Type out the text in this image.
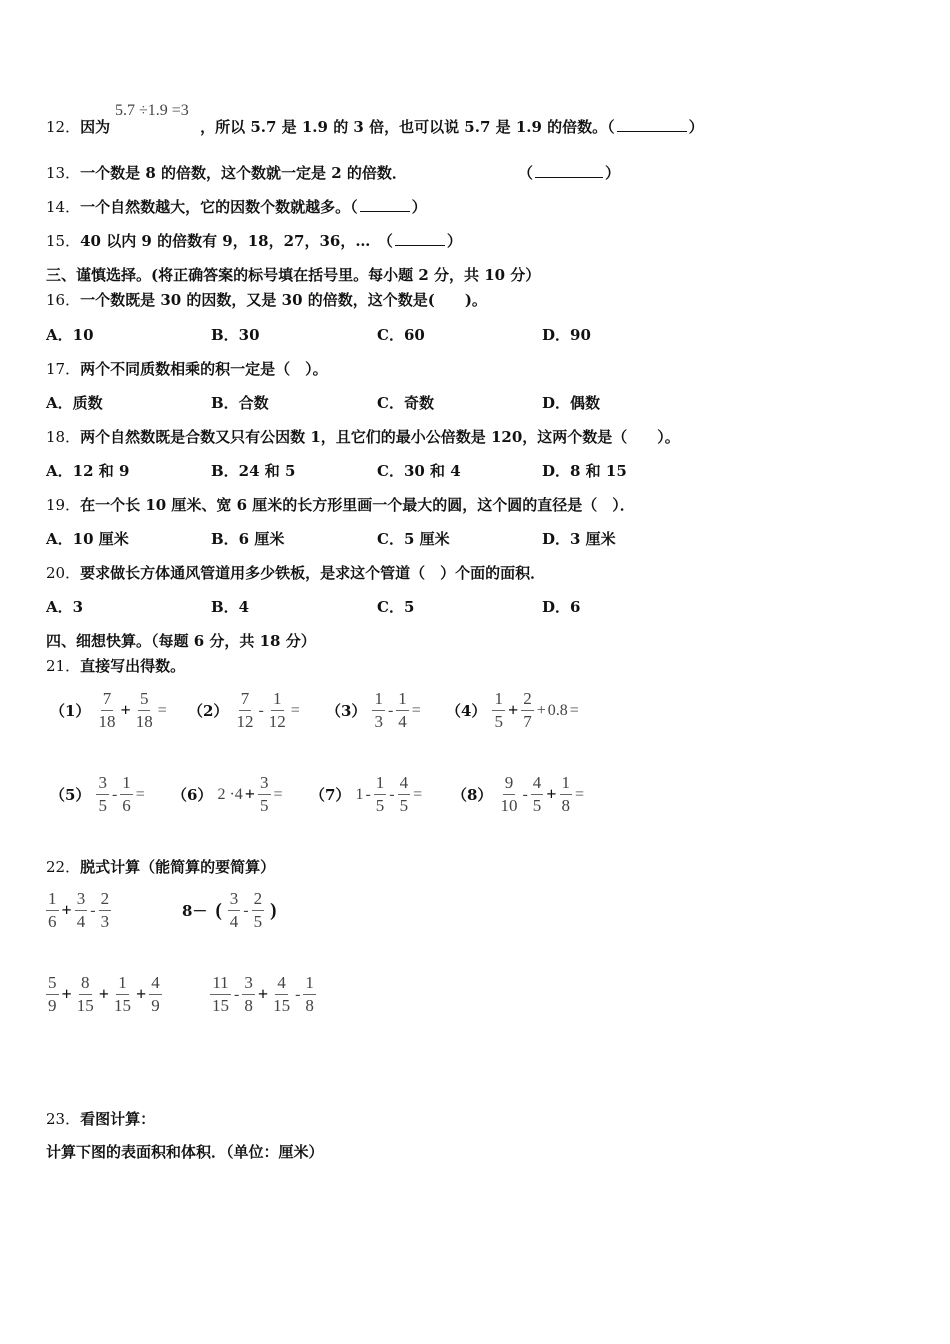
5.7 ÷1.9 =3
12．因为	，所以 5.7 是 1.9 的 3 倍，也可以说 5.7 是 1.9 的倍数。（	）
13．一个数是 8 的倍数，这个数就一定是 2 的倍数．	（	）
14．一个自然数越大，它的因数个数就越多。（	）
15．40 以内 9 的倍数有 9，18，27，36，…　（	）
三、谨慎选择。(将正确答案的标号填在括号里。每小题 2 分，共 10 分）
16．一个数既是 30 的因数，又是 30 的倍数，这个数是(　　)。
A．10	B．30	C．60	D．90
17．两个不同质数相乘的积一定是（　）。
A．质数	B．合数	C．奇数	D．偶数
18．两个自然数既是合数又只有公因数 1，且它们的最小公倍数是 120，这两个数是（　　）。
A．12 和 9	B．24 和 5	C．30 和 4	D．8 和 15
19．在一个长 10 厘米、宽 6 厘米的长方形里画一个最大的圆，这个圆的直径是（　）．
A．10 厘米	B．6 厘米	C．5 厘米	D．3 厘米
20．要求做长方体通风管道用多少铁板，是求这个管道（　）个面的面积．
A．3	B．4	C．5	D．6
四、细想快算。（每题 6 分，共 18 分）
21．直接写出得数。
$(1) \frac{7}{18} + \frac{5}{18} = (2) \frac{7}{12} - \frac{1}{12} = (3) \frac{1}{3} - \frac{1}{4} = (4) \frac{1}{5} + \frac{2}{7} + 0.8$ =
$(5) \frac{3}{5} - \frac{1}{6} = (6)$ $2 \cdot 4 + \frac{3}{5} = (7)$ $1 - \frac{1}{5} - \frac{4}{5} = (8) \frac{9}{10} - \frac{4}{5} + \frac{1}{8}$ =
22．脱式计算（能简算的要简算）
$\frac{1}{6} + \frac{3}{4} - \frac{2}{3}$	8－ ( $\frac{3}{4} - \frac{2}{5}$ )
$\frac{5}{9} + \frac{8}{15} + \frac{1}{15} + \frac{4}{9}$	$\frac{11}{15} - \frac{3}{8} + \frac{4}{15} - \frac{1}{8}$
23．看图计算：
计算下图的表面积和体积．（单位：厘米）
